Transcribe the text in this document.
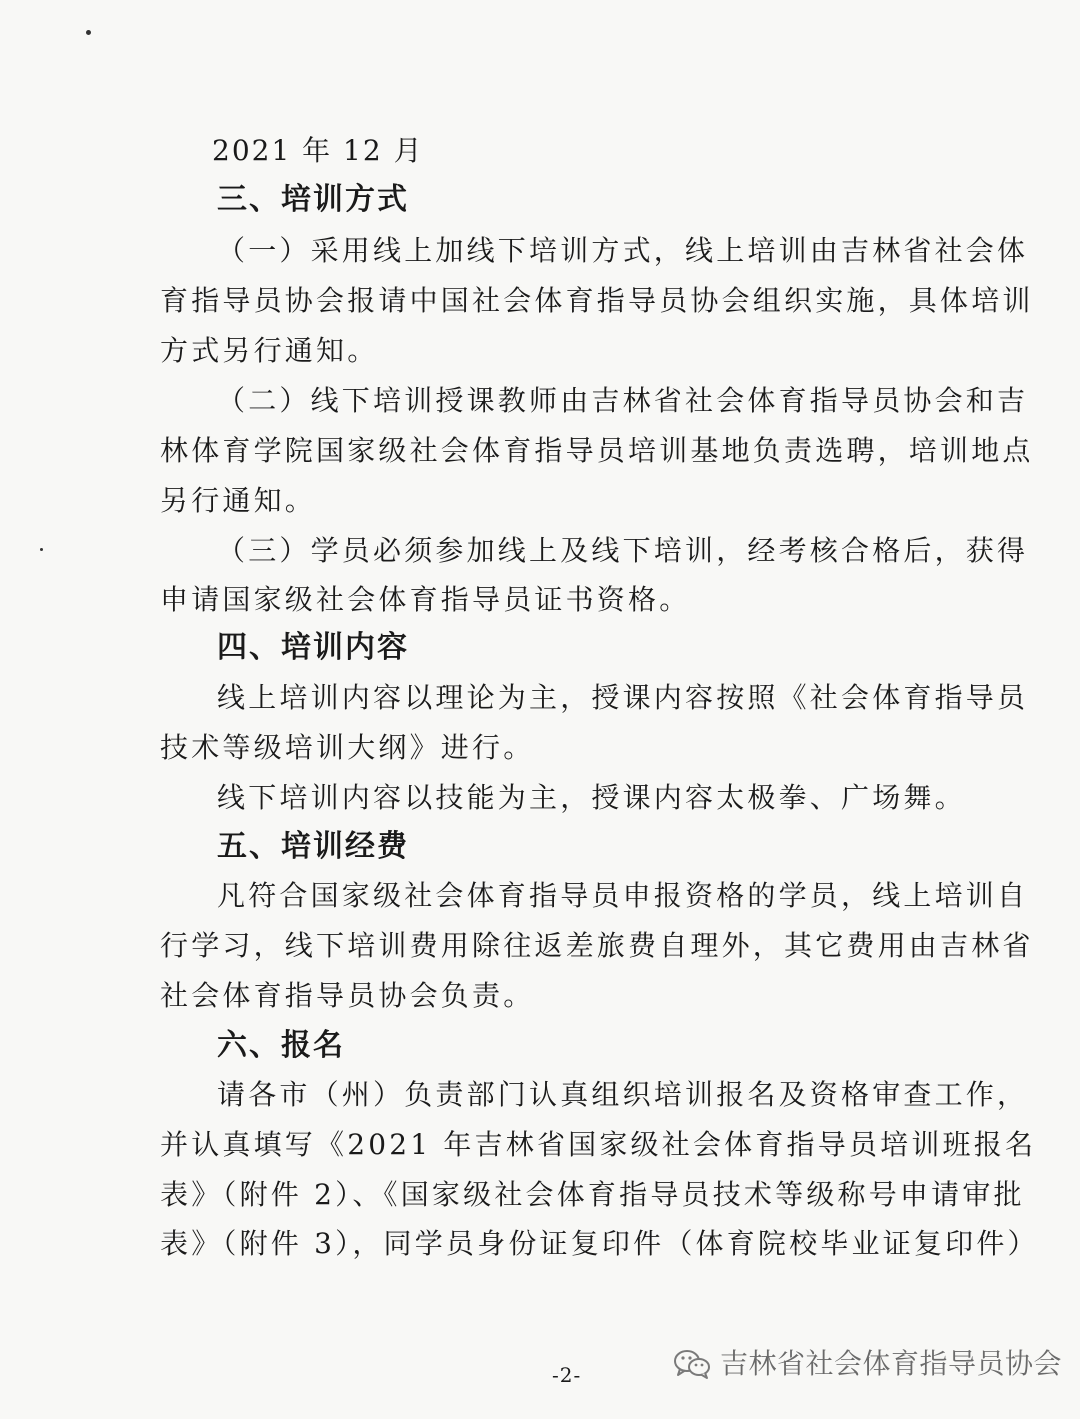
2021 年 12 月
三、培训方式
（一）采用线上加线下培训方式，线上培训由吉林省社会体
育指导员协会报请中国社会体育指导员协会组织实施，具体培训
方式另行通知。
（二）线下培训授课教师由吉林省社会体育指导员协会和吉
林体育学院国家级社会体育指导员培训基地负责选聘，培训地点
另行通知。
（三）学员必须参加线上及线下培训，经考核合格后，获得
申请国家级社会体育指导员证书资格。
四、培训内容
线上培训内容以理论为主，授课内容按照《社会体育指导员
技术等级培训大纲》进行。
线下培训内容以技能为主，授课内容太极拳、广场舞。
五、培训经费
凡符合国家级社会体育指导员申报资格的学员，线上培训自
行学习，线下培训费用除往返差旅费自理外，其它费用由吉林省
社会体育指导员协会负责。
六、报名
请各市（州）负责部门认真组织培训报名及资格审查工作，
并认真填写《2021 年吉林省国家级社会体育指导员培训班报名
表》（附件 2）、《国家级社会体育指导员技术等级称号申请审批
表》（附件 3），同学员身份证复印件（体育院校毕业证复印件）
-2-	吉林省社会体育指导员协会
